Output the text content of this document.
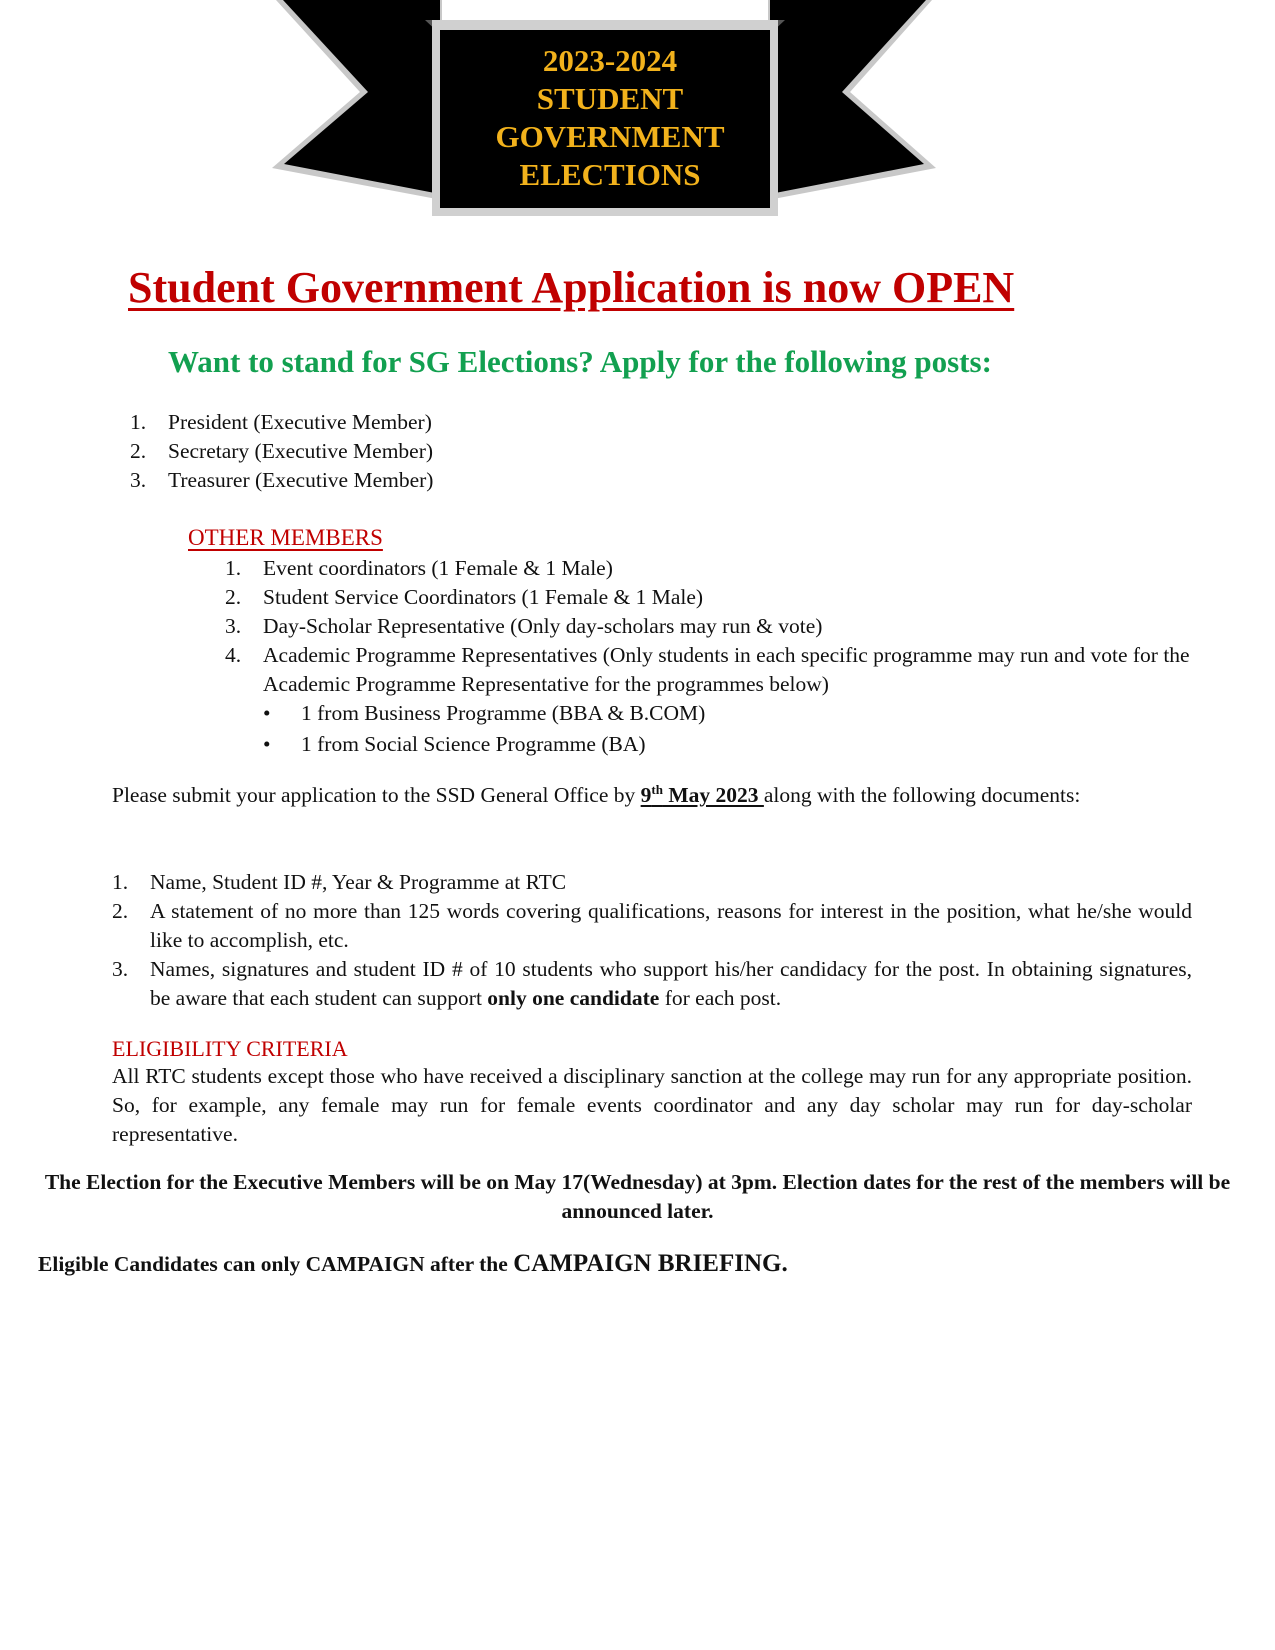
2023-2024
STUDENT
GOVERNMENT
ELECTIONS
Student Government Application is now OPEN
Want to stand for SG Elections? Apply for the following posts:
1. President (Executive Member)
2. Secretary (Executive Member)
3. Treasurer (Executive Member)
OTHER MEMBERS
1. Event coordinators (1 Female & 1 Male)
2. Student Service Coordinators (1 Female & 1 Male)
3. Day-Scholar Representative (Only day-scholars may run & vote)
4. Academic Programme Representatives (Only students in each specific programme may run and vote for the Academic Programme Representative for the programmes below)
• 1 from Business Programme (BBA & B.COM)
• 1 from Social Science Programme (BA)
Please submit your application to the SSD General Office by 9th May 2023 along with the following documents:
1. Name, Student ID #, Year & Programme at RTC
2. A statement of no more than 125 words covering qualifications, reasons for interest in the position, what he/she would like to accomplish, etc.
3. Names, signatures and student ID # of 10 students who support his/her candidacy for the post. In obtaining signatures, be aware that each student can support only one candidate for each post.
ELIGIBILITY CRITERIA
All RTC students except those who have received a disciplinary sanction at the college may run for any appropriate position. So, for example, any female may run for female events coordinator and any day scholar may run for day-scholar representative.
The Election for the Executive Members will be on May 17(Wednesday) at 3pm. Election dates for the rest of the members will be announced later.
Eligible Candidates can only CAMPAIGN after the CAMPAIGN BRIEFING.
